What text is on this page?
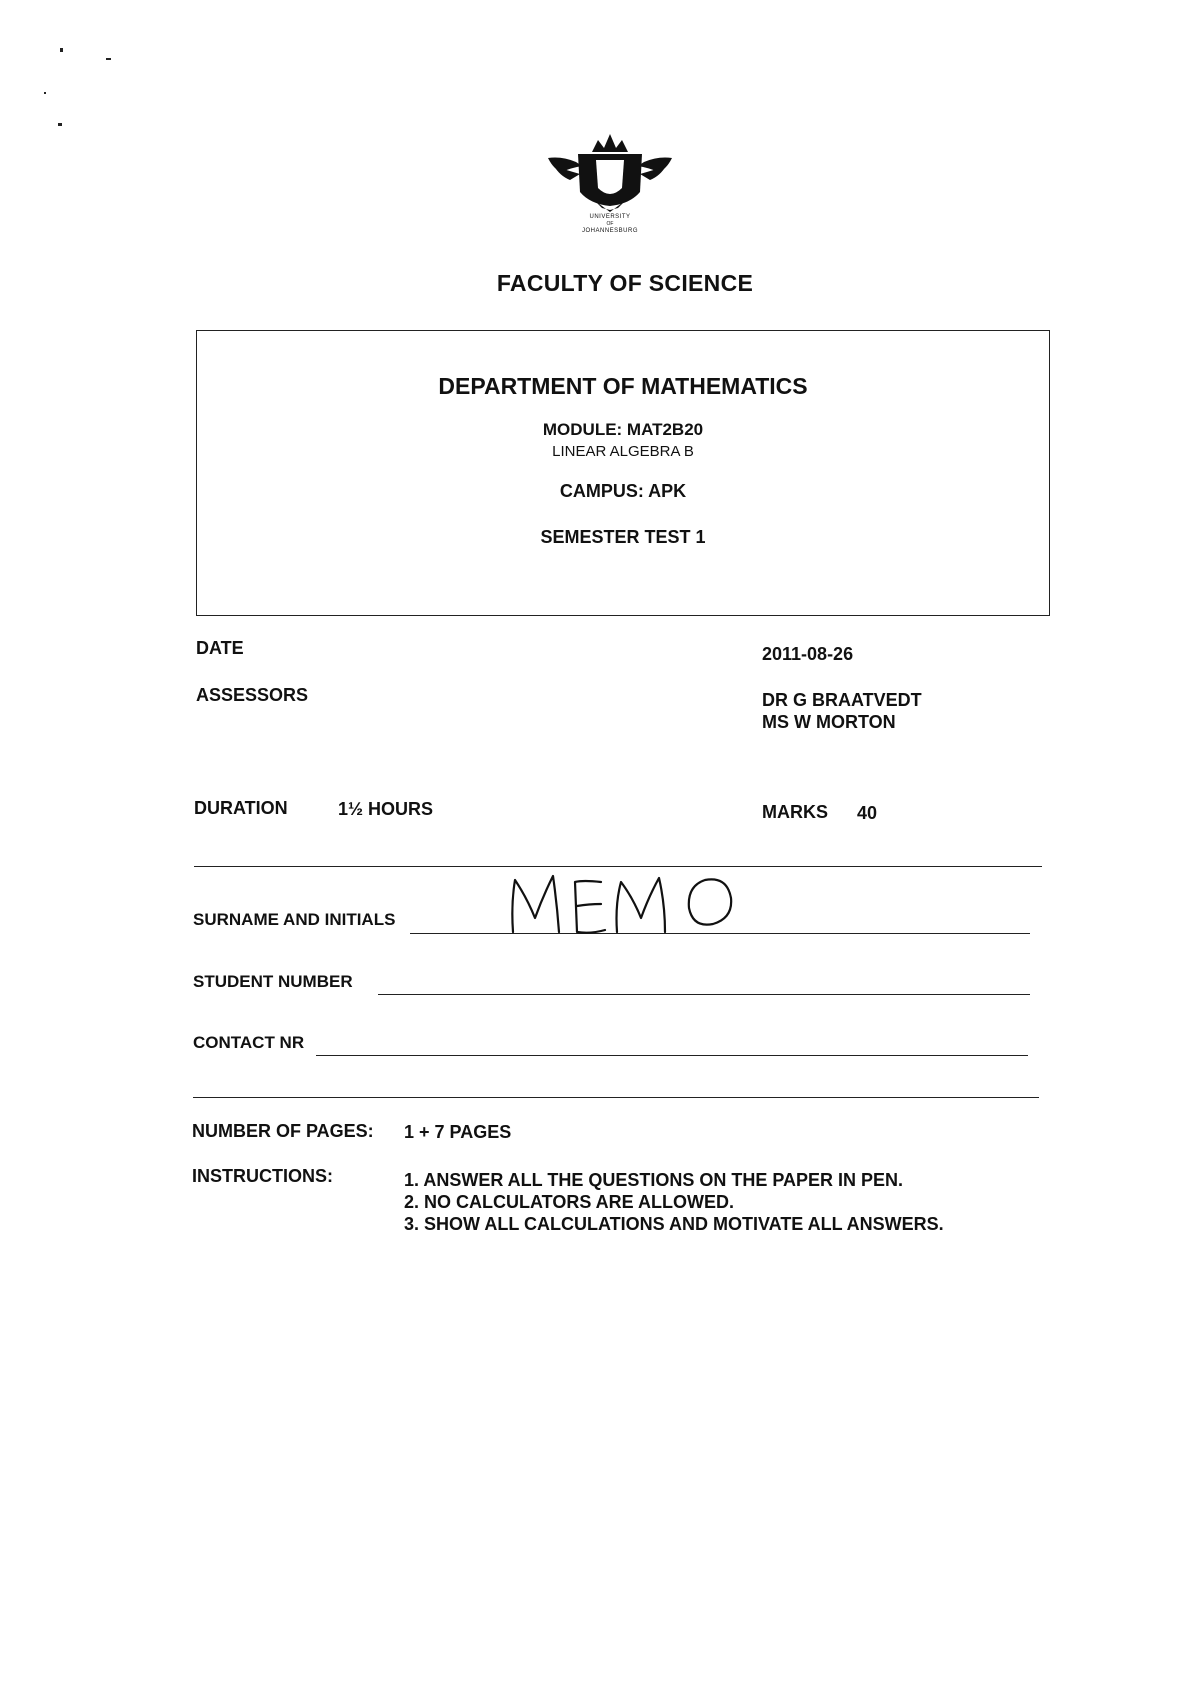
UNIVERSITY
OF
JOHANNESBURG
FACULTY OF SCIENCE
DEPARTMENT OF MATHEMATICS
MODULE: MAT2B20
LINEAR ALGEBRA B
CAMPUS: APK
SEMESTER TEST 1
DATE	2011-08-26
ASSESSORS	DR G BRAATVEDT
MS W MORTON
DURATION	1½ HOURS	MARKS 40
SURNAME AND INITIALS
STUDENT NUMBER
CONTACT NR
NUMBER OF PAGES: 1 + 7 PAGES
INSTRUCTIONS:	1. ANSWER ALL THE QUESTIONS ON THE PAPER IN PEN.
2. NO CALCULATORS ARE ALLOWED.
3. SHOW ALL CALCULATIONS AND MOTIVATE ALL ANSWERS.
